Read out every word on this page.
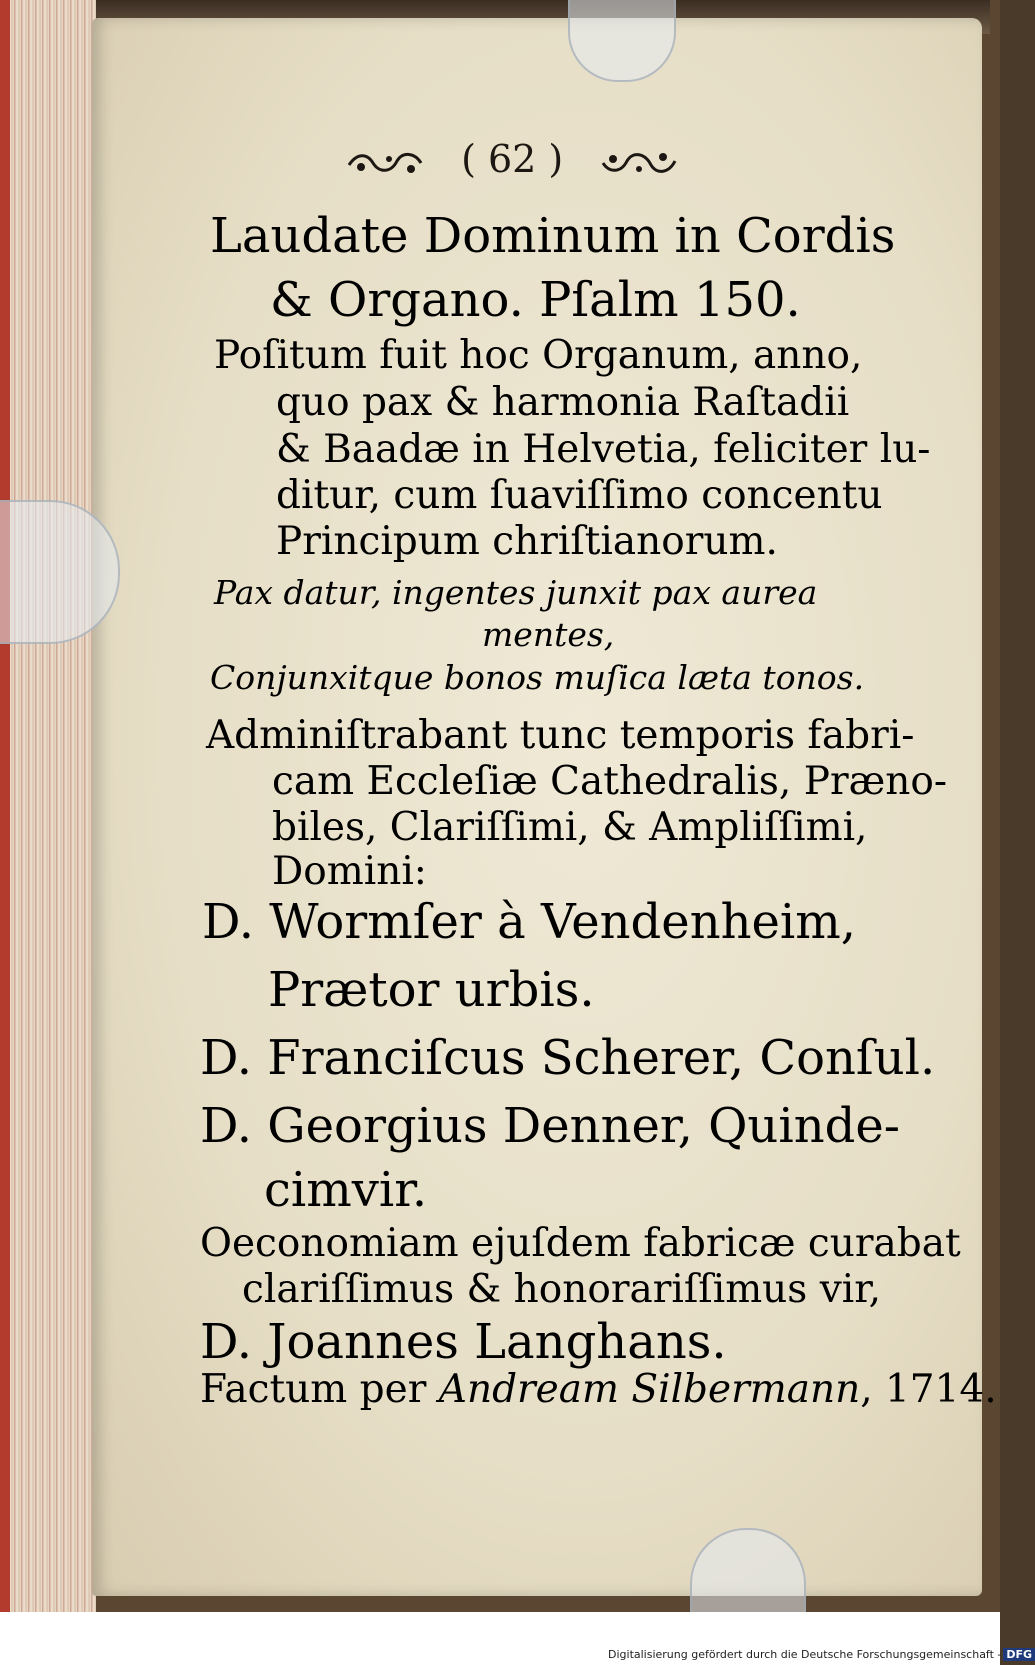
( 62 )
Laudate Dominum in Cordis
& Organo. Pſalm 150.
Poſitum fuit hoc Organum, anno,
quo pax & harmonia Raſtadii
& Baadæ in Helvetia, feliciter lu-
ditur, cum ſuaviſſimo concentu
Principum chriſtianorum.
Pax datur, ingentes junxit pax aurea
mentes,
Conjunxitque bonos muſica læta tonos.
Adminiſtrabant tunc temporis fabri-
cam Eccleſiæ Cathedralis, Præno-
biles, Clariſſimi, & Ampliſſimi,
Domini:
D. Wormſer à Vendenheim,
Prætor urbis.
D. Franciſcus Scherer, Conſul.
D. Georgius Denner, Quinde-
cimvir.
Oeconomiam ejuſdem fabricæ curabat
clariſſimus & honorariſſimus vir,
D. Joannes Langhans.
Factum per Andream Silbermann, 1714.
Digitalisierung gefördert durch die Deutsche Forschungsgemeinschaft - DFG
